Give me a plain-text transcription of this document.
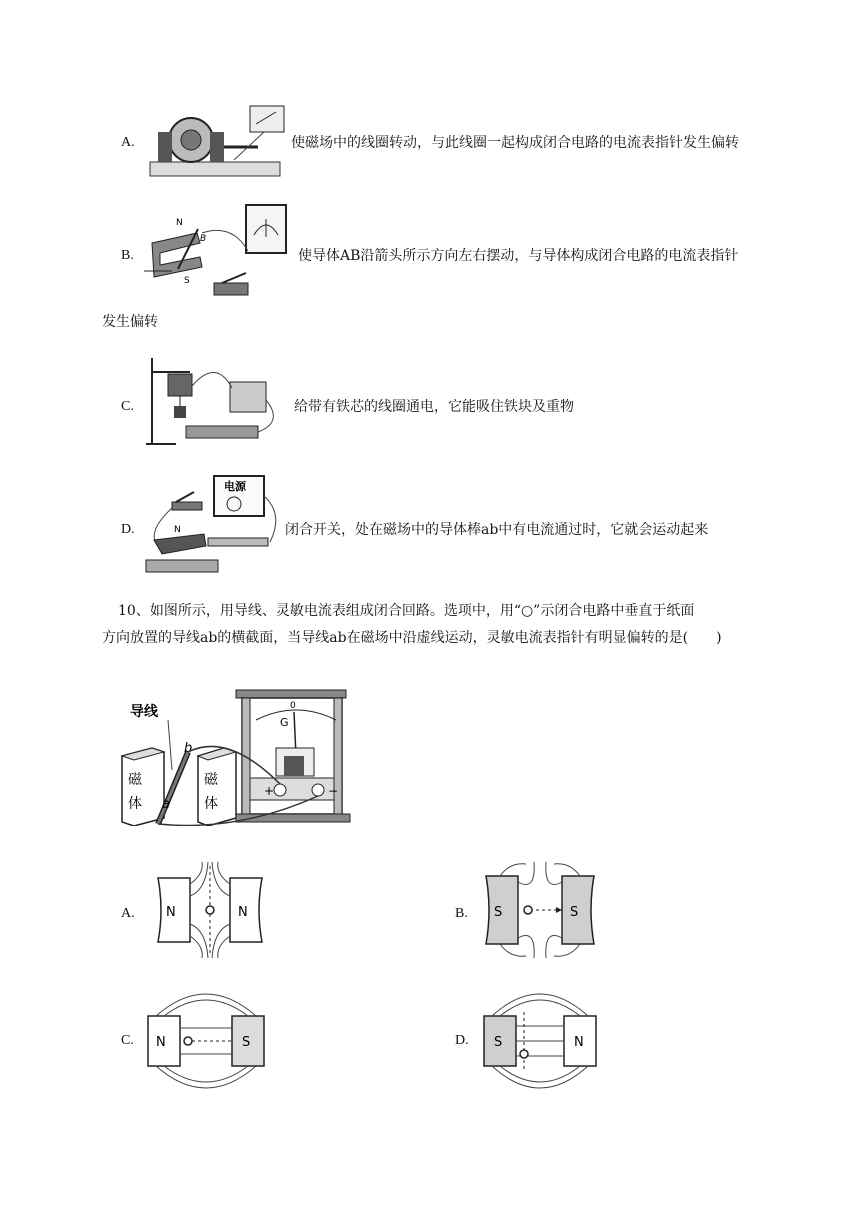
A.	使磁场中的线圈转动，与此线圈一起构成闭合电路的电流表指针发生偏转
B.
N
S
B
使导体AB沿箭头所示方向左右摆动，与导体构成闭合电路的电流表指针
发生偏转
C.	给带有铁芯的线圈通电，它能吸住铁块及重物
D.
电源
N	闭合开关，处在磁场中的导体棒ab中有电流通过时，它就会运动起来
10、如图所示，用导线、灵敏电流表组成闭合回路。选项中，用“○”示闭合电路中垂直于纸面
方向放置的导线ab的横截面，当导线ab在磁场中沿虚线运动，灵敏电流表指针有明显偏转的是(　　)
导线
磁
体
磁
体
b
a
0
G
+	−
A. N	N	B. S	S
C. N	S	D. S	N
